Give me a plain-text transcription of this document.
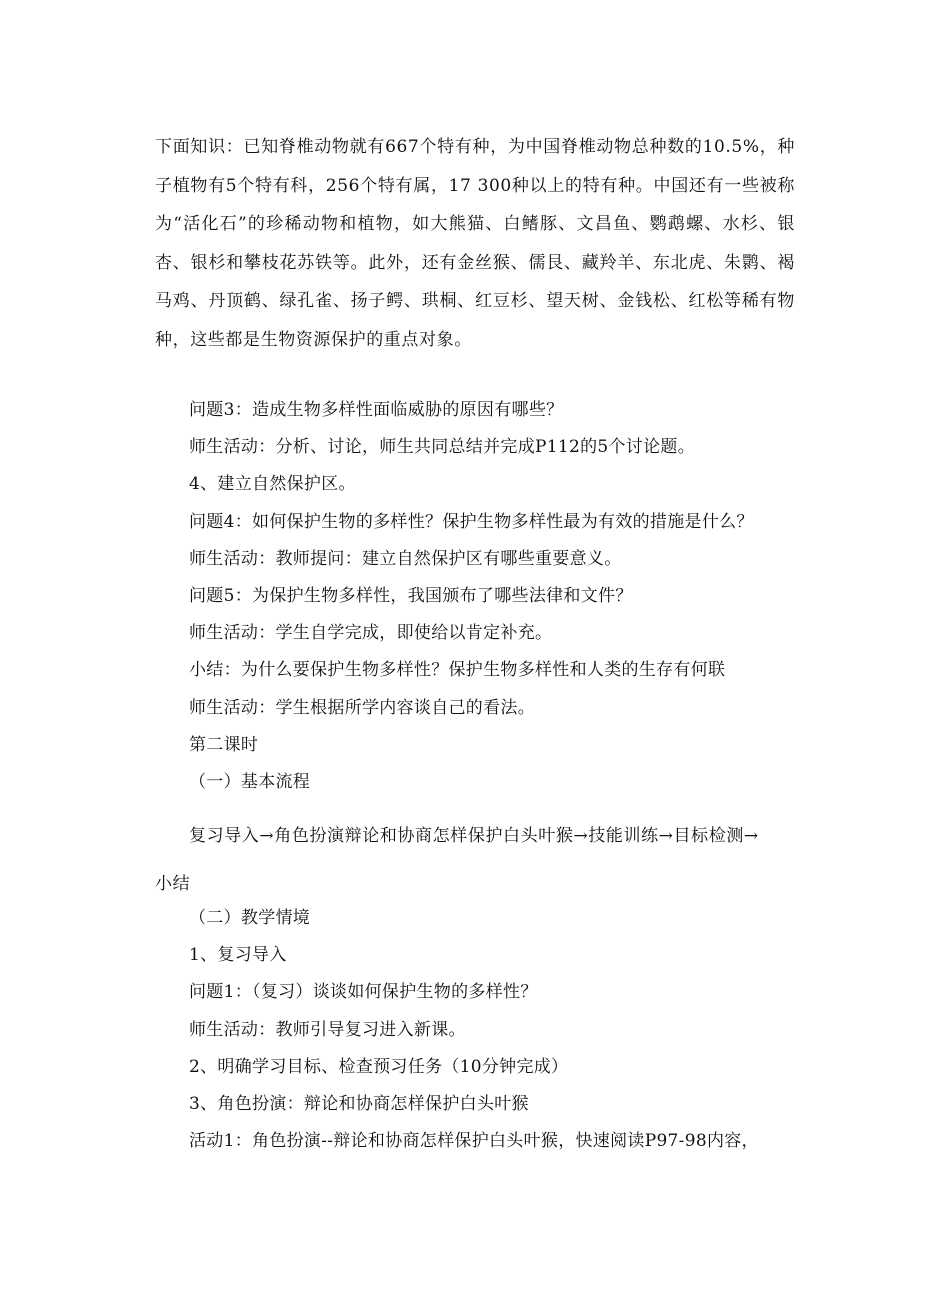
下面知识：已知脊椎动物就有667个特有种，为中国脊椎动物总种数的10.5%，种子植物有5个特有科，256个特有属，17 300种以上的特有种。中国还有一些被称为“活化石”的珍稀动物和植物，如大熊猫、白鳍豚、文昌鱼、鹦鹉螺、水杉、银杏、银杉和攀枝花苏铁等。此外，还有金丝猴、儒艮、藏羚羊、东北虎、朱鹮、褐马鸡、丹顶鹤、绿孔雀、扬子鳄、珙桐、红豆杉、望天树、金钱松、红松等稀有物种，这些都是生物资源保护的重点对象。

问题3：造成生物多样性面临威胁的原因有哪些？

师生活动：分析、讨论，师生共同总结并完成P112的5个讨论题。

4、建立自然保护区。

问题4：如何保护生物的多样性？保护生物多样性最为有效的措施是什么？

师生活动：教师提问：建立自然保护区有哪些重要意义。

问题5：为保护生物多样性，我国颁布了哪些法律和文件？

师生活动：学生自学完成，即使给以肯定补充。

小结：为什么要保护生物多样性？保护生物多样性和人类的生存有何联

师生活动：学生根据所学内容谈自己的看法。

第二课时

（一）基本流程

复习导入→角色扮演辩论和协商怎样保护白头叶猴→技能训练→目标检测→
小结

（二）教学情境

1、复习导入

问题1：（复习）谈谈如何保护生物的多样性？

师生活动：教师引导复习进入新课。

2、明确学习目标、检查预习任务（10分钟完成）

3、角色扮演：辩论和协商怎样保护白头叶猴

活动1：角色扮演--辩论和协商怎样保护白头叶猴，快速阅读P97-98内容，
